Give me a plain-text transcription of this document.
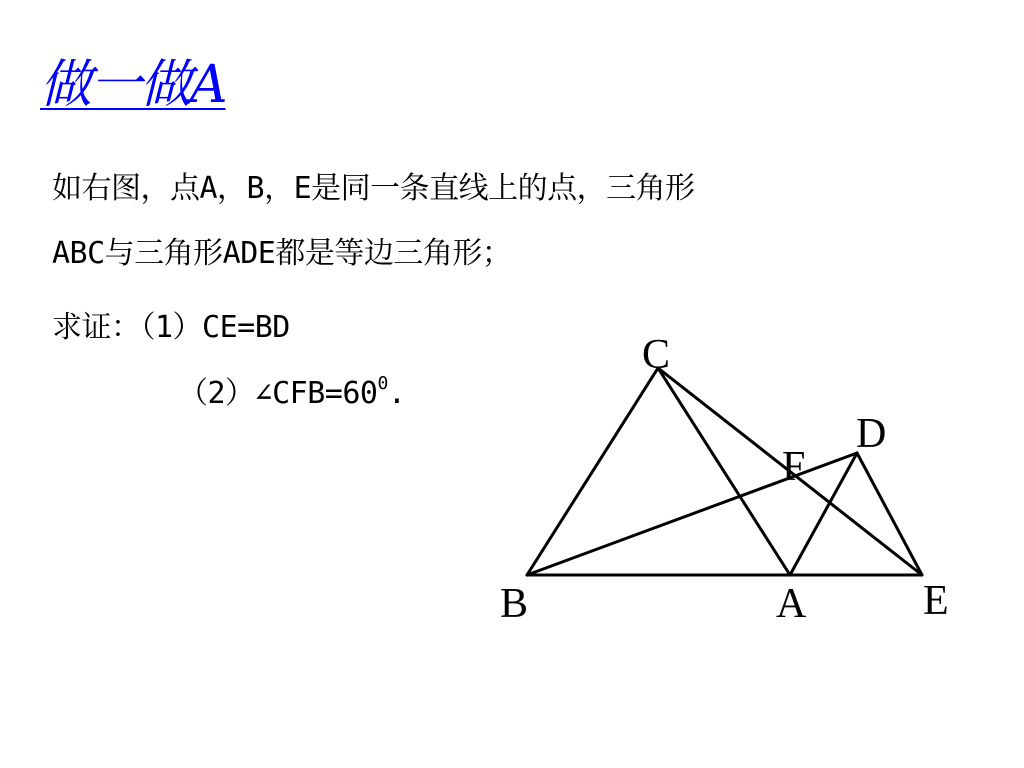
做一做A
如右图，点A，B，E是同一条直线上的点，三角形
ABC与三角形ADE都是等边三角形；
求证：（1）CE=BD
$(2)\angle CFB=60^0$.
C
D
F
B	A	E
